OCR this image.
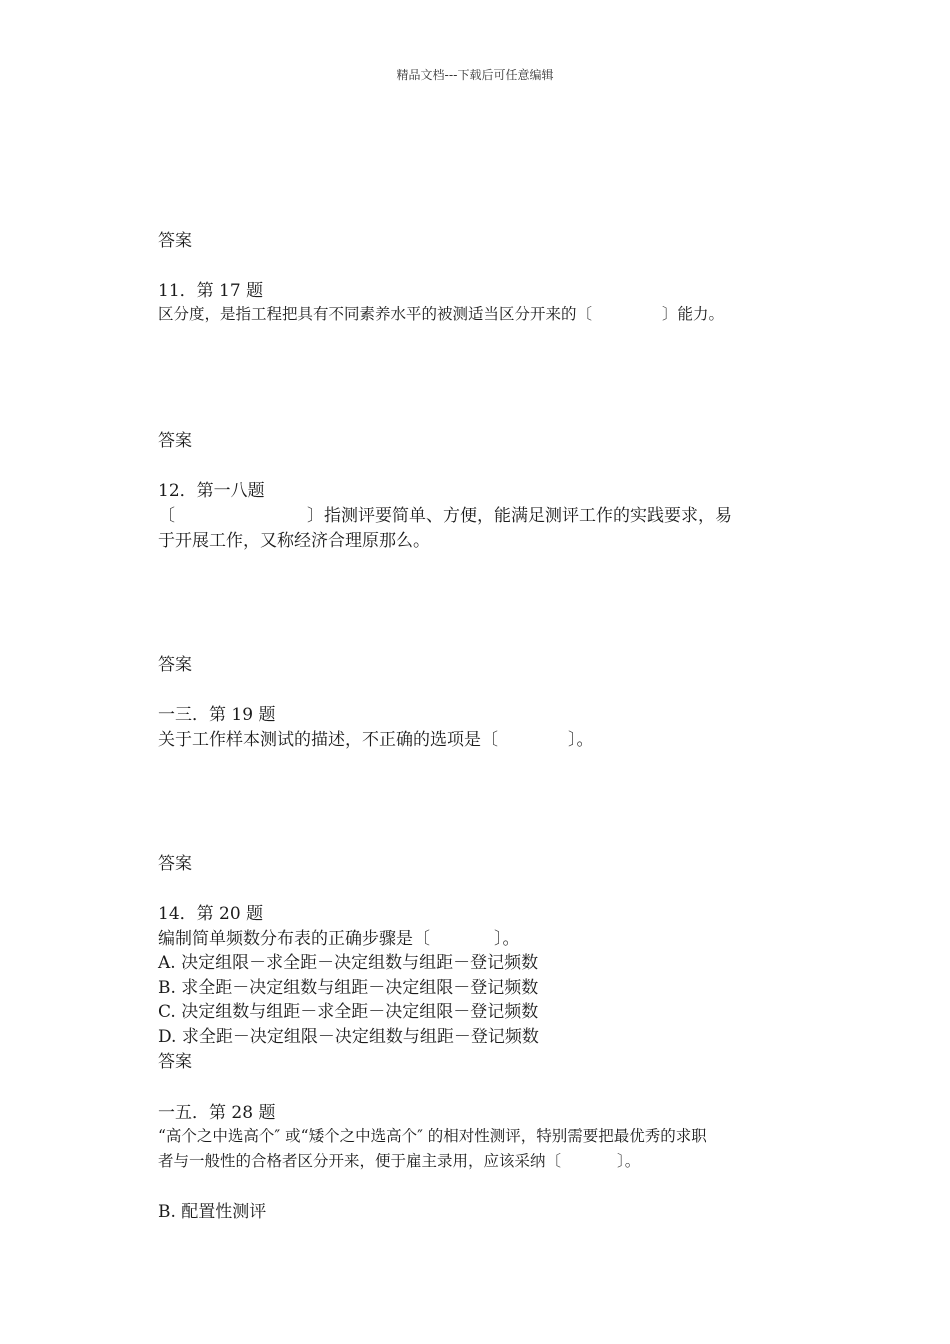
精品文档---下载后可任意编辑
答案
11．第 17 题
区分度，是指工程把具有不同素养水平的被测适当区分开来的〔	〕能力。
答案
12．第一八题
〔	〕指测评要简单、方便，能满足测评工作的实践要求，易
于开展工作，又称经济合理原那么。
答案
一三．第 19 题
关于工作样本测试的描述，不正确的选项是〔	〕。
答案
14．第 20 题
编制简单频数分布表的正确步骤是〔	〕。
A. 决定组限－求全距－决定组数与组距－登记频数
B. 求全距－决定组数与组距－决定组限－登记频数
C. 决定组数与组距－求全距－决定组限－登记频数
D. 求全距－决定组限－决定组数与组距－登记频数
答案
一五．第 28 题
“高个之中选高个″ 或“矮个之中选高个″ 的相对性测评，特别需要把最优秀的求职
者与一般性的合格者区分开来，便于雇主录用，应该采纳〔	〕。
B. 配置性测评
